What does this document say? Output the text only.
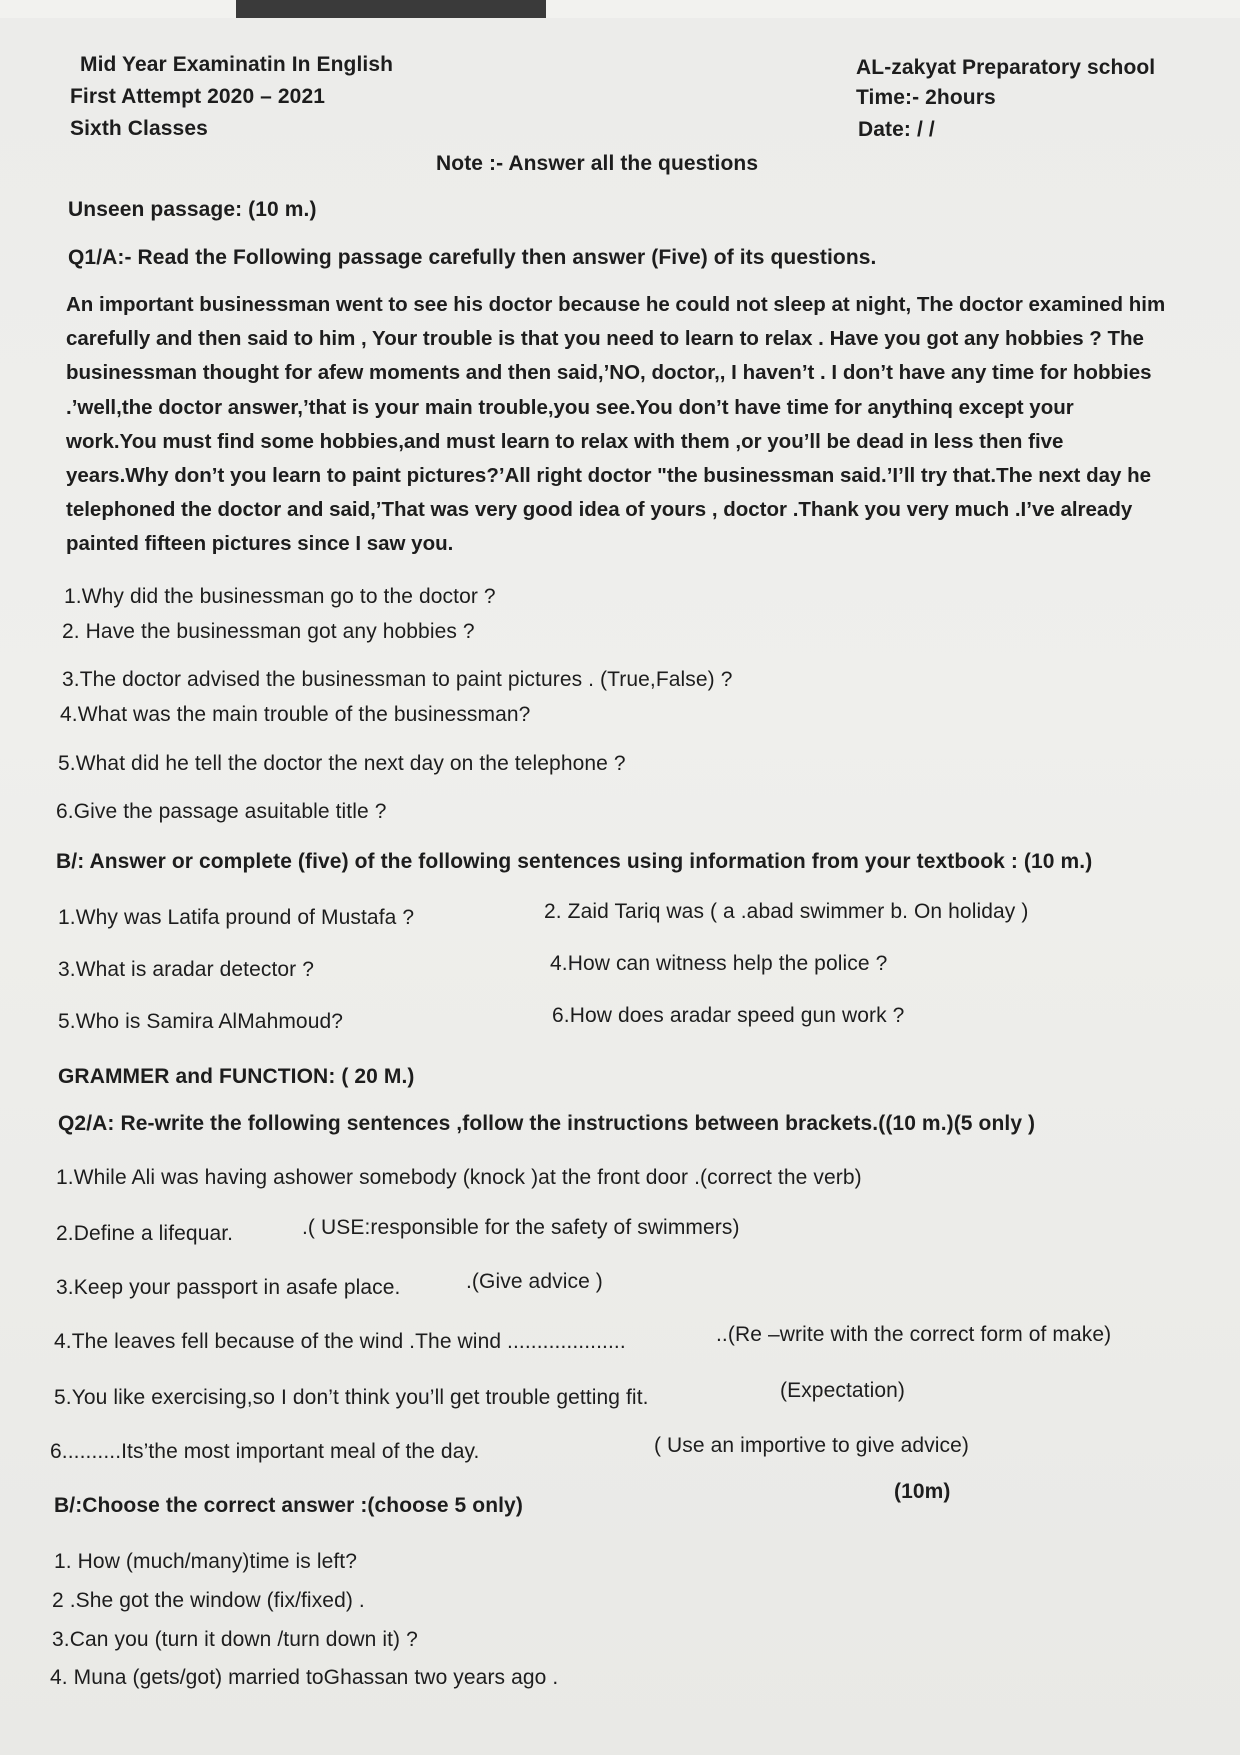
Mid Year Examinatin In English
First Attempt 2020 – 2021
Sixth Classes
AL-zakyat Preparatory school
Time:- 2hours
Date: / /
Note :- Answer all the questions
Unseen passage: (10 m.)
Q1/A:- Read the Following passage carefully then answer (Five) of its questions.
An important businessman went to see his doctor because he could not sleep at night, The doctor examined him
carefully and then said to him , Your trouble is that you need to learn to relax . Have you got any hobbies ? The
businessman thought for afew moments and then said,’NO, doctor,, I haven’t . I don’t have any time for hobbies
.’well,the doctor answer,’that is your main trouble,you see.You don’t have time for anythinq except your
work.You must find some hobbies,and must learn to relax with them ,or you’ll be dead in less then five
years.Why don’t you learn to paint pictures?’All right doctor "the businessman said.’I’ll try that.The next day he
telephoned the doctor and said,’That was very good idea of yours , doctor .Thank you very much .I’ve already
painted fifteen pictures since I saw you.
1.Why did the businessman go to the doctor ?
2. Have the businessman got any hobbies ?
3.The doctor advised the businessman to paint pictures . (True,False) ?
4.What was the main trouble of the businessman?
5.What did he tell the doctor the next day on the telephone ?
6.Give the passage asuitable title ?
B/: Answer or complete (five) of the following sentences using information from your textbook : (10 m.)
1.Why was Latifa pround of Mustafa ?	2. Zaid Tariq was ( a .abad swimmer b. On holiday )
3.What is aradar detector ?	4.How can witness help the police ?
5.Who is Samira AlMahmoud?	6.How does aradar speed gun work ?
GRAMMER and FUNCTION: ( 20 M.)
Q2/A: Re-write the following sentences ,follow the instructions between brackets.((10 m.)(5 only )
1.While Ali was having ashower somebody (knock )at the front door .(correct the verb)
2.Define a lifequar.	.( USE:responsible for the safety of swimmers)
3.Keep your passport in asafe place.	.(Give advice )
4.The leaves fell because of the wind .The wind ....................	..(Re –write with the correct form of make)
5.You like exercising,so I don’t think you’ll get trouble getting fit.	(Expectation)
6..........Its’the most important meal of the day.	( Use an importive to give advice)
B/:Choose the correct answer :(choose 5 only)
(10m)
1. How (much/many)time is left?
2 .She got the window (fix/fixed) .
3.Can you (turn it down /turn down it) ?
4. Muna (gets/got) married toGhassan two years ago .
